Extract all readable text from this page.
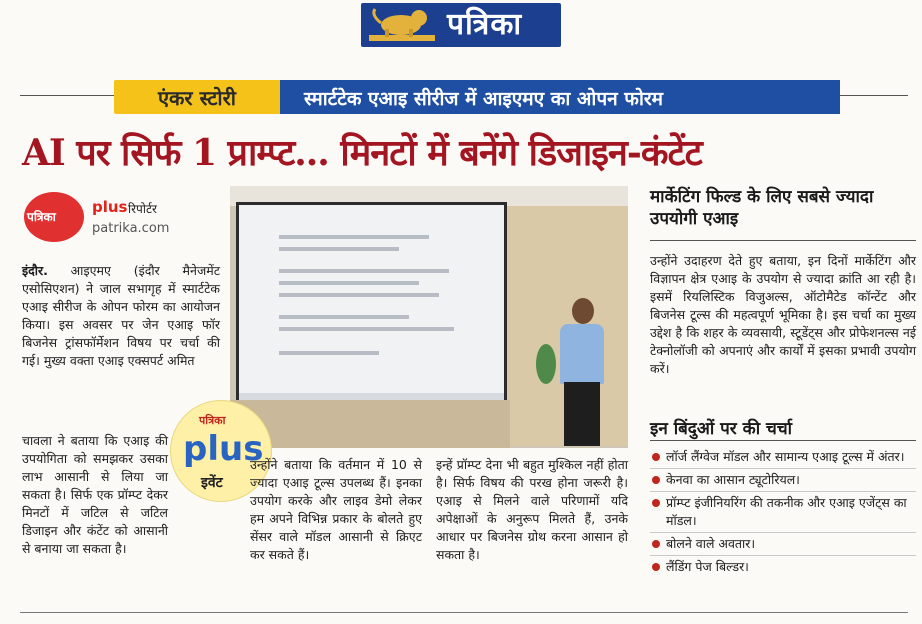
पत्रिका
एंकर स्टोरी	स्मार्टटेक एआइ सीरीज में आइएमए का ओपन फोरम
AI पर सिर्फ 1 प्राम्प्ट... मिनटों में बनेंगे डिजाइन-कंटेंट
पत्रिका
plus रिपोर्टर
patrika.com
इंदौर. आइएमए (इंदौर मैनेजमेंट एसोसिएशन) ने जाल सभागृह में स्मार्टटेक एआइ सीरीज के ओपन फोरम का आयोजन किया। इस अवसर पर जेन एआइ फॉर बिजनेस ट्रांसफॉर्मेशन विषय पर चर्चा की गई। मुख्य वक्ता एआइ एक्सपर्ट अमित
चावला ने बताया कि एआइ की उपयोगिता को समझकर उसका लाभ आसानी से लिया जा सकता है। सिर्फ एक प्रॉम्प्ट देकर मिनटों में जटिल से जटिल डिजाइन और कंटेंट को आसानी से बनाया जा सकता है।
पत्रिका
plus
इवेंट
उन्होंने बताया कि वर्तमान में 10 से ज्यादा एआइ टूल्स उपलब्ध हैं। इनका उपयोग करके और लाइव डेमो लेकर हम अपने विभिन्न प्रकार के बोलते हुए सेंसर वाले मॉडल आसानी से क्रिएट कर सकते हैं।
इन्हें प्रॉम्प्ट देना भी बहुत मुश्किल नहीं होता है। सिर्फ विषय की परख होना जरूरी है। एआइ से मिलने वाले परिणामों यदि अपेक्षाओं के अनुरूप मिलते हैं, उनके आधार पर बिजनेस ग्रोथ करना आसान हो सकता है।
मार्केटिंग फिल्ड के लिए सबसे ज्यादा उपयोगी एआइ
उन्होंने उदाहरण देते हुए बताया, इन दिनों मार्केटिंग और विज्ञापन क्षेत्र एआइ के उपयोग से ज्यादा क्रांति आ रही है। इसमें रियलिस्टिक विजुअल्स, ऑटोमैटेड कॉन्टेंट और बिजनेस टूल्स की महत्वपूर्ण भूमिका है। इस चर्चा का मुख्य उद्देश है कि शहर के व्यवसायी, स्टूडेंट्स और प्रोफेशनल्स नई टेक्नोलॉजी को अपनाएं और कार्यों में इसका प्रभावी उपयोग करें।
इन बिंदुओं पर की चर्चा
लॉर्ज लैंग्वेज मॉडल और सामान्य एआइ टूल्स में अंतर।
केनवा का आसान ट्यूटोरियल।
प्रॉम्प्ट इंजीनियरिंग की तकनीक और एआइ एजेंट्स का मॉडल।
बोलने वाले अवतार।
लैंडिंग पेज बिल्डर।
